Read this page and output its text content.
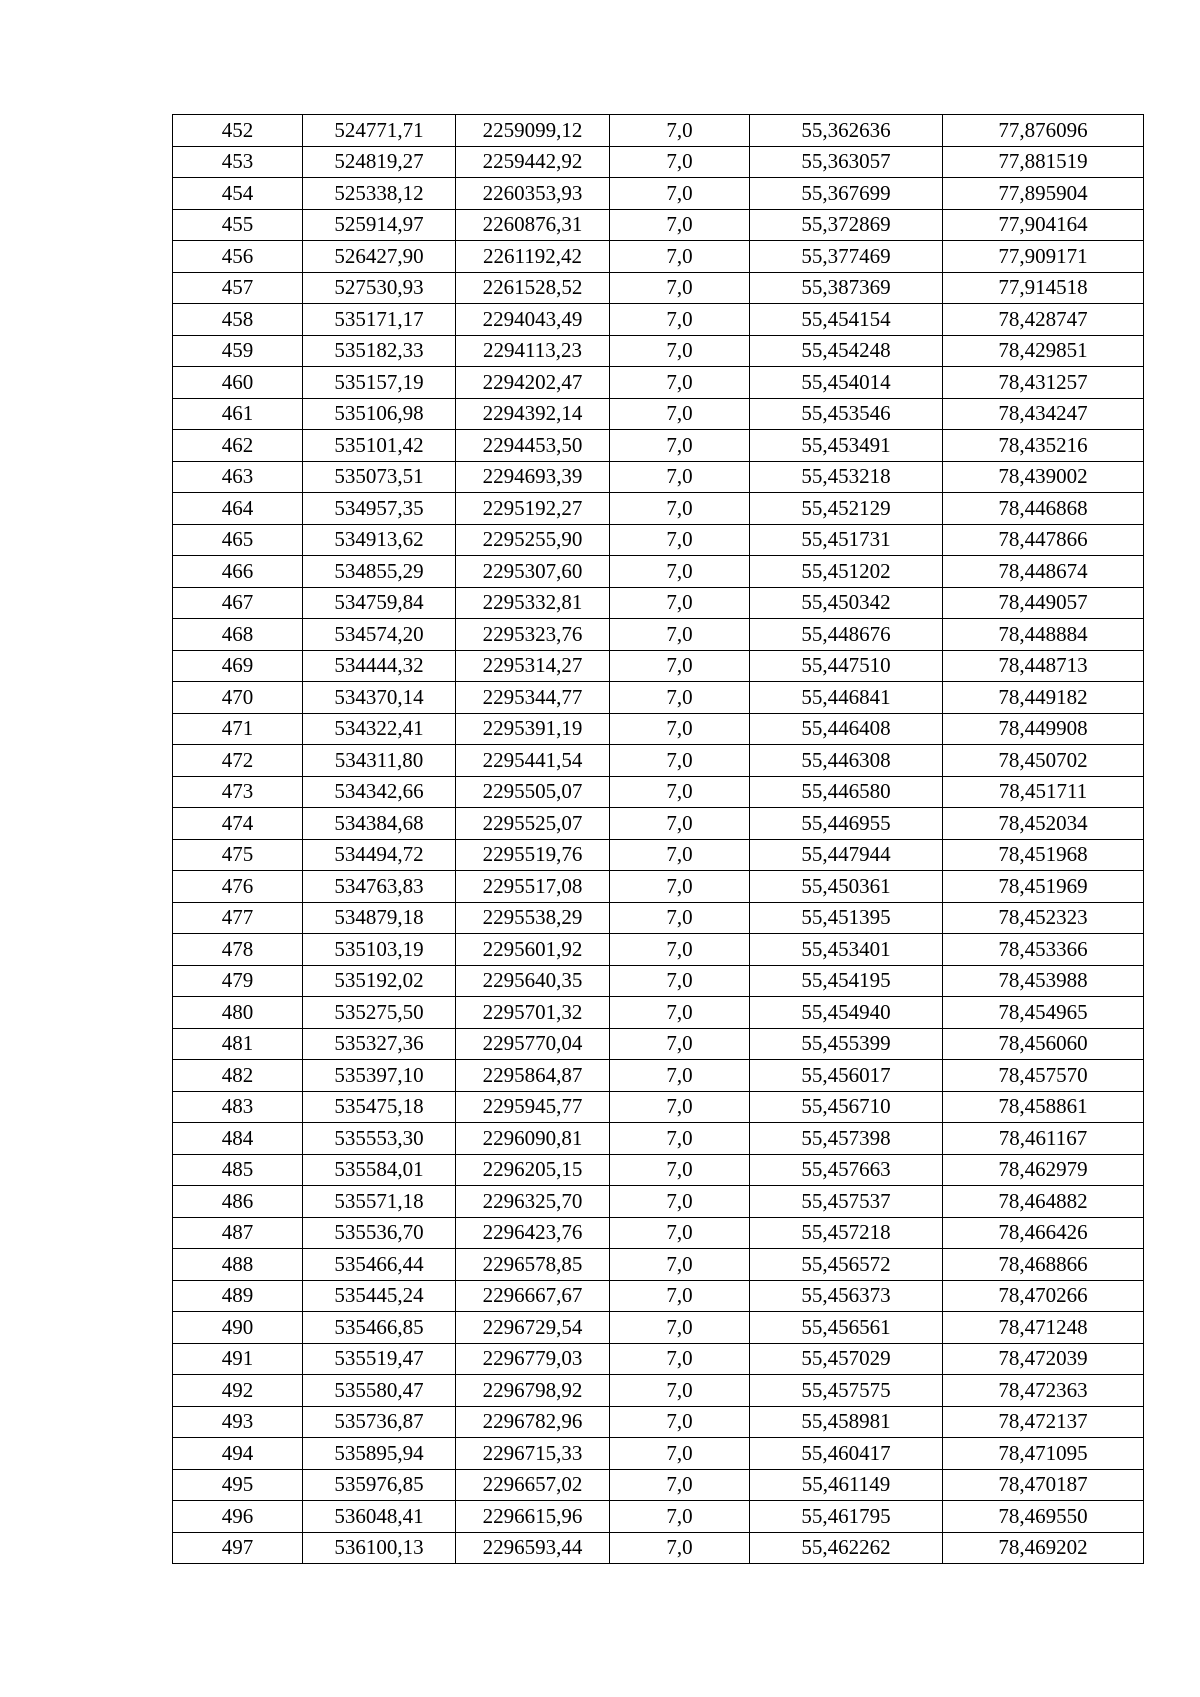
452	524771,71	2259099,12	7,0	55,362636	77,876096
453	524819,27	2259442,92	7,0	55,363057	77,881519
454	525338,12	2260353,93	7,0	55,367699	77,895904
455	525914,97	2260876,31	7,0	55,372869	77,904164
456	526427,90	2261192,42	7,0	55,377469	77,909171
457	527530,93	2261528,52	7,0	55,387369	77,914518
458	535171,17	2294043,49	7,0	55,454154	78,428747
459	535182,33	2294113,23	7,0	55,454248	78,429851
460	535157,19	2294202,47	7,0	55,454014	78,431257
461	535106,98	2294392,14	7,0	55,453546	78,434247
462	535101,42	2294453,50	7,0	55,453491	78,435216
463	535073,51	2294693,39	7,0	55,453218	78,439002
464	534957,35	2295192,27	7,0	55,452129	78,446868
465	534913,62	2295255,90	7,0	55,451731	78,447866
466	534855,29	2295307,60	7,0	55,451202	78,448674
467	534759,84	2295332,81	7,0	55,450342	78,449057
468	534574,20	2295323,76	7,0	55,448676	78,448884
469	534444,32	2295314,27	7,0	55,447510	78,448713
470	534370,14	2295344,77	7,0	55,446841	78,449182
471	534322,41	2295391,19	7,0	55,446408	78,449908
472	534311,80	2295441,54	7,0	55,446308	78,450702
473	534342,66	2295505,07	7,0	55,446580	78,451711
474	534384,68	2295525,07	7,0	55,446955	78,452034
475	534494,72	2295519,76	7,0	55,447944	78,451968
476	534763,83	2295517,08	7,0	55,450361	78,451969
477	534879,18	2295538,29	7,0	55,451395	78,452323
478	535103,19	2295601,92	7,0	55,453401	78,453366
479	535192,02	2295640,35	7,0	55,454195	78,453988
480	535275,50	2295701,32	7,0	55,454940	78,454965
481	535327,36	2295770,04	7,0	55,455399	78,456060
482	535397,10	2295864,87	7,0	55,456017	78,457570
483	535475,18	2295945,77	7,0	55,456710	78,458861
484	535553,30	2296090,81	7,0	55,457398	78,461167
485	535584,01	2296205,15	7,0	55,457663	78,462979
486	535571,18	2296325,70	7,0	55,457537	78,464882
487	535536,70	2296423,76	7,0	55,457218	78,466426
488	535466,44	2296578,85	7,0	55,456572	78,468866
489	535445,24	2296667,67	7,0	55,456373	78,470266
490	535466,85	2296729,54	7,0	55,456561	78,471248
491	535519,47	2296779,03	7,0	55,457029	78,472039
492	535580,47	2296798,92	7,0	55,457575	78,472363
493	535736,87	2296782,96	7,0	55,458981	78,472137
494	535895,94	2296715,33	7,0	55,460417	78,471095
495	535976,85	2296657,02	7,0	55,461149	78,470187
496	536048,41	2296615,96	7,0	55,461795	78,469550
497	536100,13	2296593,44	7,0	55,462262	78,469202
